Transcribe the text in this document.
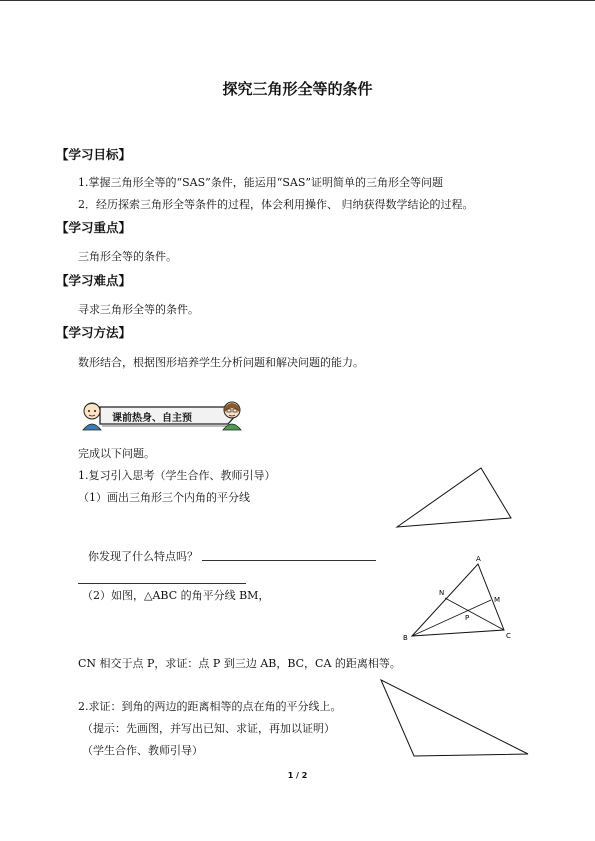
探究三角形全等的条件
【学习目标】
1.掌握三角形全等的“SAS”条件，能运用“SAS”证明简单的三角形全等问题
2．经历探索三角形全等条件的过程，体会利用操作、 归纳获得数学结论的过程。
【学习重点】
三角形全等的条件。
【学习难点】
寻求三角形全等的条件。
【学习方法】
数形结合，根据图形培养学生分析问题和解决问题的能力。
课前热身、自主预
完成以下问题。
1.复习引入思考（学生合作、教师引导）
（1）画出三角形三个内角的平分线
你发现了什么特点吗？
（2）如图，△ABC 的角平分线 BM，
A
B	C
M
N
P
CN 相交于点 P，求证：点 P 到三边 AB，BC，CA 的距离相等。
2.求证：到角的两边的距离相等的点在角的平分线上。
（提示：先画图，并写出已知、求证，再加以证明）
（学生合作、教师引导）
1 / 2
